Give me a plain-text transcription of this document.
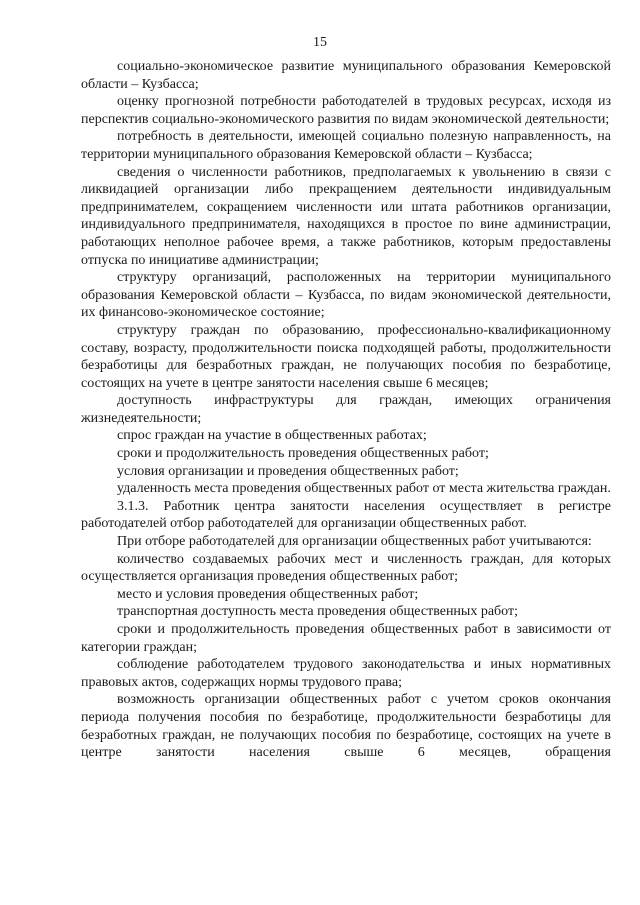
15

социально-экономическое развитие муниципального образования Кемеровской области – Кузбасса;

оценку прогнозной потребности работодателей в трудовых ресурсах, исходя из перспектив социально-экономического развития по видам экономической деятельности;

потребность в деятельности, имеющей социально полезную направленность, на территории муниципального образования Кемеровской области – Кузбасса;

сведения о численности работников, предполагаемых к увольнению в связи с ликвидацией организации либо прекращением деятельности индивидуальным предпринимателем, сокращением численности или штата работников организации, индивидуального предпринимателя, находящихся в простое по вине администрации, работающих неполное рабочее время, а также работников, которым предоставлены отпуска по инициативе администрации;

структуру организаций, расположенных на территории муниципального образования Кемеровской области – Кузбасса, по видам экономической деятельности, их финансово-экономическое состояние;

структуру граждан по образованию, профессионально-квалификационному составу, возрасту, продолжительности поиска подходящей работы, продолжительности безработицы для безработных граждан, не получающих пособия по безработице, состоящих на учете в центре занятости населения свыше 6 месяцев;

доступность инфраструктуры для граждан, имеющих ограничения жизнедеятельности;

спрос граждан на участие в общественных работах;

сроки и продолжительность проведения общественных работ;

условия организации и проведения общественных работ;

удаленность места проведения общественных работ от места жительства граждан.

3.1.3. Работник центра занятости населения осуществляет в регистре работодателей отбор работодателей для организации общественных работ.

При отборе работодателей для организации общественных работ учитываются:

количество создаваемых рабочих мест и численность граждан, для которых осуществляется организация проведения общественных работ;

место и условия проведения общественных работ;

транспортная доступность места проведения общественных работ;

сроки и продолжительность проведения общественных работ в зависимости от категории граждан;

соблюдение работодателем трудового законодательства и иных нормативных правовых актов, содержащих нормы трудового права;

возможность организации общественных работ с учетом сроков окончания периода получения пособия по безработице, продолжительности безработицы для безработных граждан, не получающих пособия по безработице, состоящих на учете в центре занятости населения свыше 6 месяцев, обращения
